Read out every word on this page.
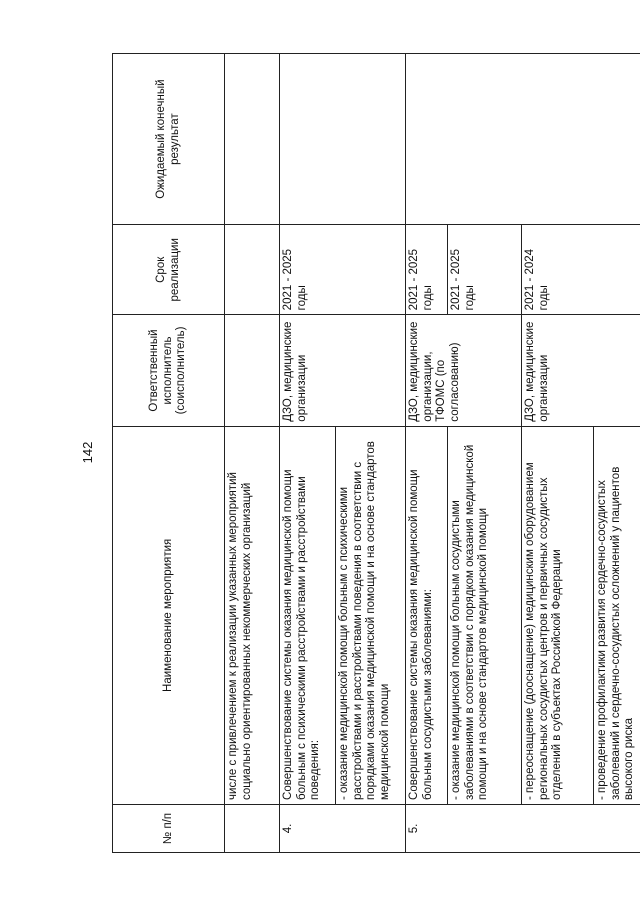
142
№ п/п	Наименование мероприятия	Ответственный исполнитель (соисполнитель)	Срок реализации	Ожидаемый конечный результат
	числе с привлечением к реализации указанных мероприятий социально ориентированных некоммерческих организаций			
4.	Совершенствование системы оказания медицинской помощи больным с психическими расстройствами и расстройствами поведения:	ДЗО, медицинские организации	2021 - 2025 годы	
	- оказание медицинской помощи больным с психическими расстройствами и расстройствами поведения в соответствии с порядками оказания медицинской помощи и на основе стандартов медицинской помощи			
5.	Совершенствование системы оказания медицинской помощи больным сосудистыми заболеваниями:	ДЗО, медицинские организации, ТФОМС (по согласованию)	2021 - 2025 годы	
	- оказание медицинской помощи больным сосудистыми заболеваниями в соответствии с порядком оказания медицинской помощи и на основе стандартов медицинской помощи		2021 - 2025 годы	
	- переоснащение (дооснащение) медицинским оборудованием региональных сосудистых центров и первичных сосудистых отделений в субъектах Российской Федерации	ДЗО, медицинские организации	2021 - 2024 годы	
	- проведение профилактики развития сердечно-сосудистых заболеваний и сердечно-сосудистых осложнений у пациентов высокого риска			
